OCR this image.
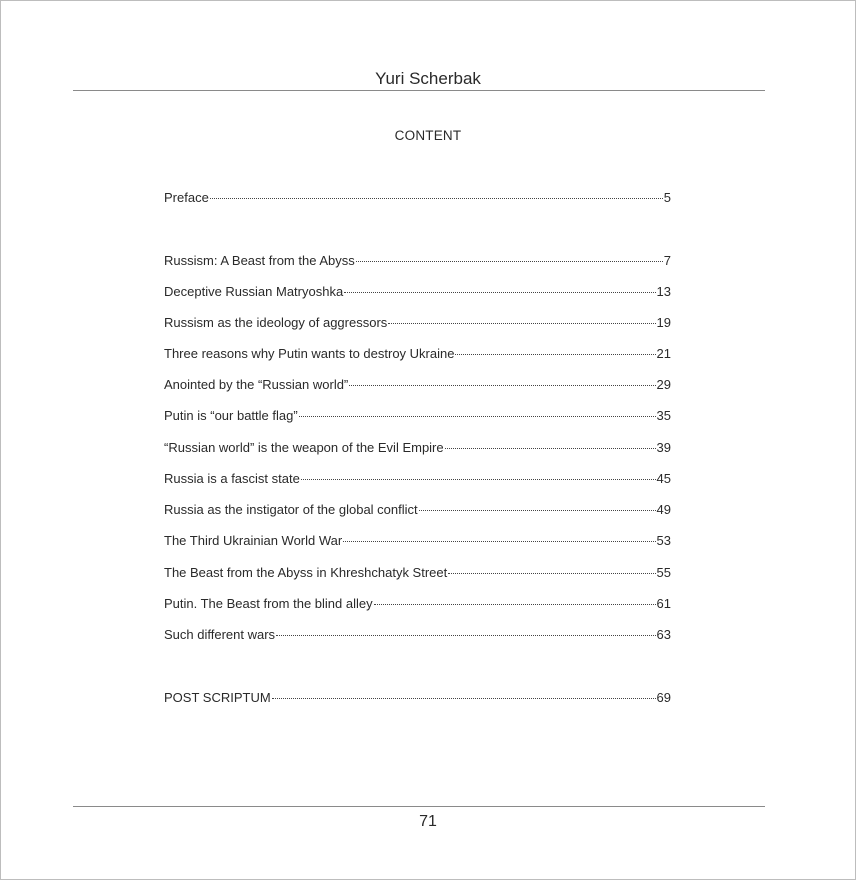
Yuri Scherbak
CONTENT
Preface	5
Russism: A Beast from the Abyss	7
Deceptive Russian Matryoshka	13
Russism as the ideology of aggressors	19
Three reasons why Putin wants to destroy Ukraine	21
Anointed by the “Russian world”	29
Putin is “our battle flag”	35
“Russian world” is the weapon of the Evil Empire	39
Russia is a fascist state	45
Russia as the instigator of the global conflict	49
The Third Ukrainian World War	53
The Beast from the Abyss in Khreshchatyk Street	55
Putin. The Beast from the blind alley	61
Such different wars	63
POST SCRIPTUM	69
71
